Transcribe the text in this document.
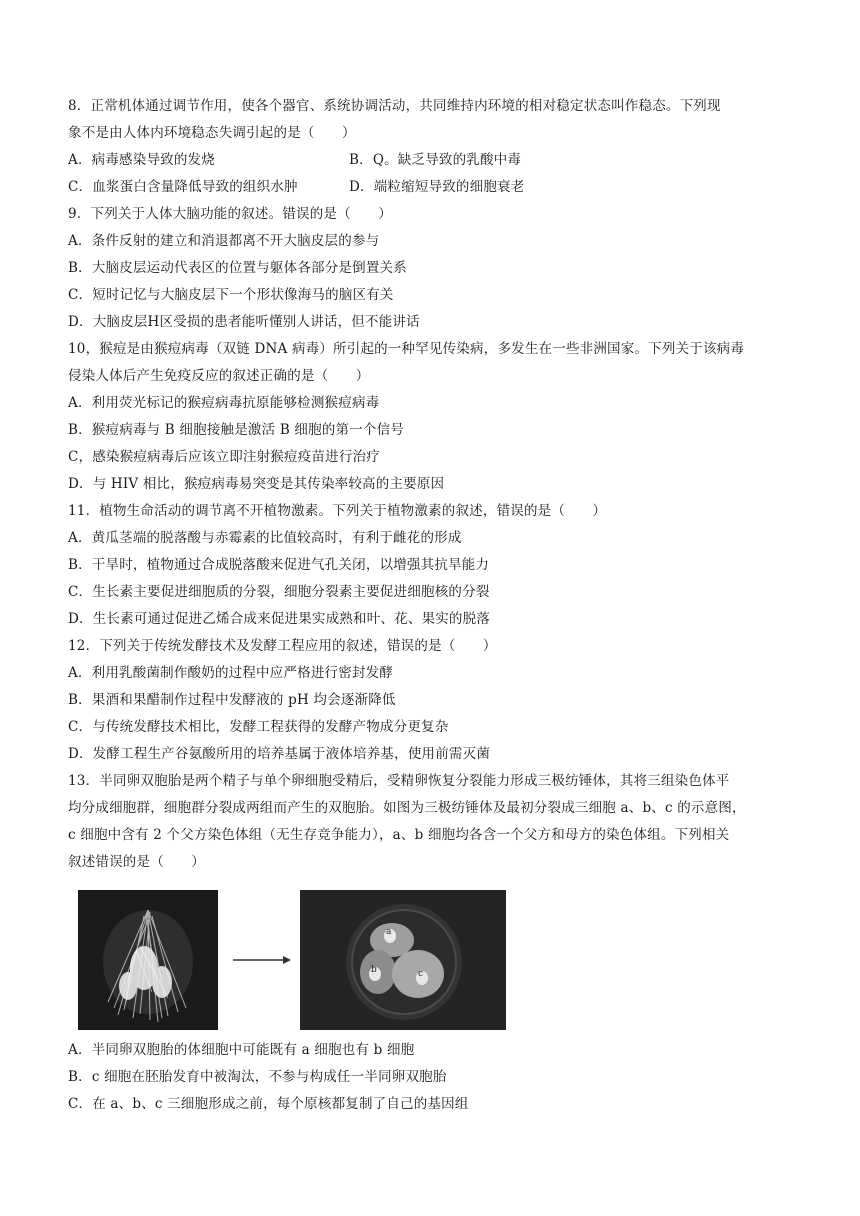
8．正常机体通过调节作用，使各个器官、系统协调活动，共同维持内环境的相对稳定状态叫作稳态。下列现
象不是由人体内环境稳态失调引起的是（　　）
A．病毒感染导致的发烧	B．Q。缺乏导致的乳酸中毒
C．血浆蛋白含量降低导致的组织水肿	D．端粒缩短导致的细胞衰老
9．下列关于人体大脑功能的叙述。错误的是（　　）
A．条件反射的建立和消退都离不开大脑皮层的参与
B．大脑皮层运动代表区的位置与躯体各部分是倒置关系
C．短时记忆与大脑皮层下一个形状像海马的脑区有关
D．大脑皮层H区受损的患者能听懂别人讲话，但不能讲话
10，猴痘是由猴痘病毒（双链 DNA 病毒）所引起的一种罕见传染病，多发生在一些非洲国家。下列关于该病毒
侵染人体后产生免疫反应的叙述正确的是（　　）
A．利用荧光标记的猴痘病毒抗原能够检测猴痘病毒
B．猴痘病毒与 B 细胞接触是激活 B 细胞的第一个信号
C，感染猴痘病毒后应该立即注射猴痘疫苗进行治疗
D．与 HIV 相比，猴痘病毒易突变是其传染率较高的主要原因
11．植物生命活动的调节离不开植物激素。下列关于植物激素的叙述，错误的是（　　）
A．黄瓜茎端的脱落酸与赤霉素的比值较高时，有利于雌花的形成
B．干旱时，植物通过合成脱落酸来促进气孔关闭，以增强其抗旱能力
C．生长素主要促进细胞质的分裂，细胞分裂素主要促进细胞核的分裂
D．生长素可通过促进乙烯合成来促进果实成熟和叶、花、果实的脱落
12．下列关于传统发酵技术及发酵工程应用的叙述，错误的是（　　）
A．利用乳酸菌制作酸奶的过程中应严格进行密封发酵
B．果酒和果醋制作过程中发酵液的 pH 均会逐渐降低
C．与传统发酵技术相比，发酵工程获得的发酵产物成分更复杂
D．发酵工程生产谷氨酸所用的培养基属于液体培养基，使用前需灭菌
13．半同卵双胞胎是两个精子与单个卵细胞受精后，受精卵恢复分裂能力形成三极纺锤体，其将三组染色体平
均分成细胞群，细胞群分裂成两组而产生的双胞胎。如图为三极纺锤体及最初分裂成三细胞 a、b、c 的示意图，
c 细胞中含有 2 个父方染色体组（无生存竞争能力），a、b 细胞均各含一个父方和母方的染色体组。下列相关
叙述错误的是（　　）
a
b	c
A．半同卵双胞胎的体细胞中可能既有 a 细胞也有 b 细胞
B．c 细胞在胚胎发育中被淘汰，不参与构成任一半同卵双胞胎
C．在 a、b、c 三细胞形成之前，每个原核都复制了自己的基因组
